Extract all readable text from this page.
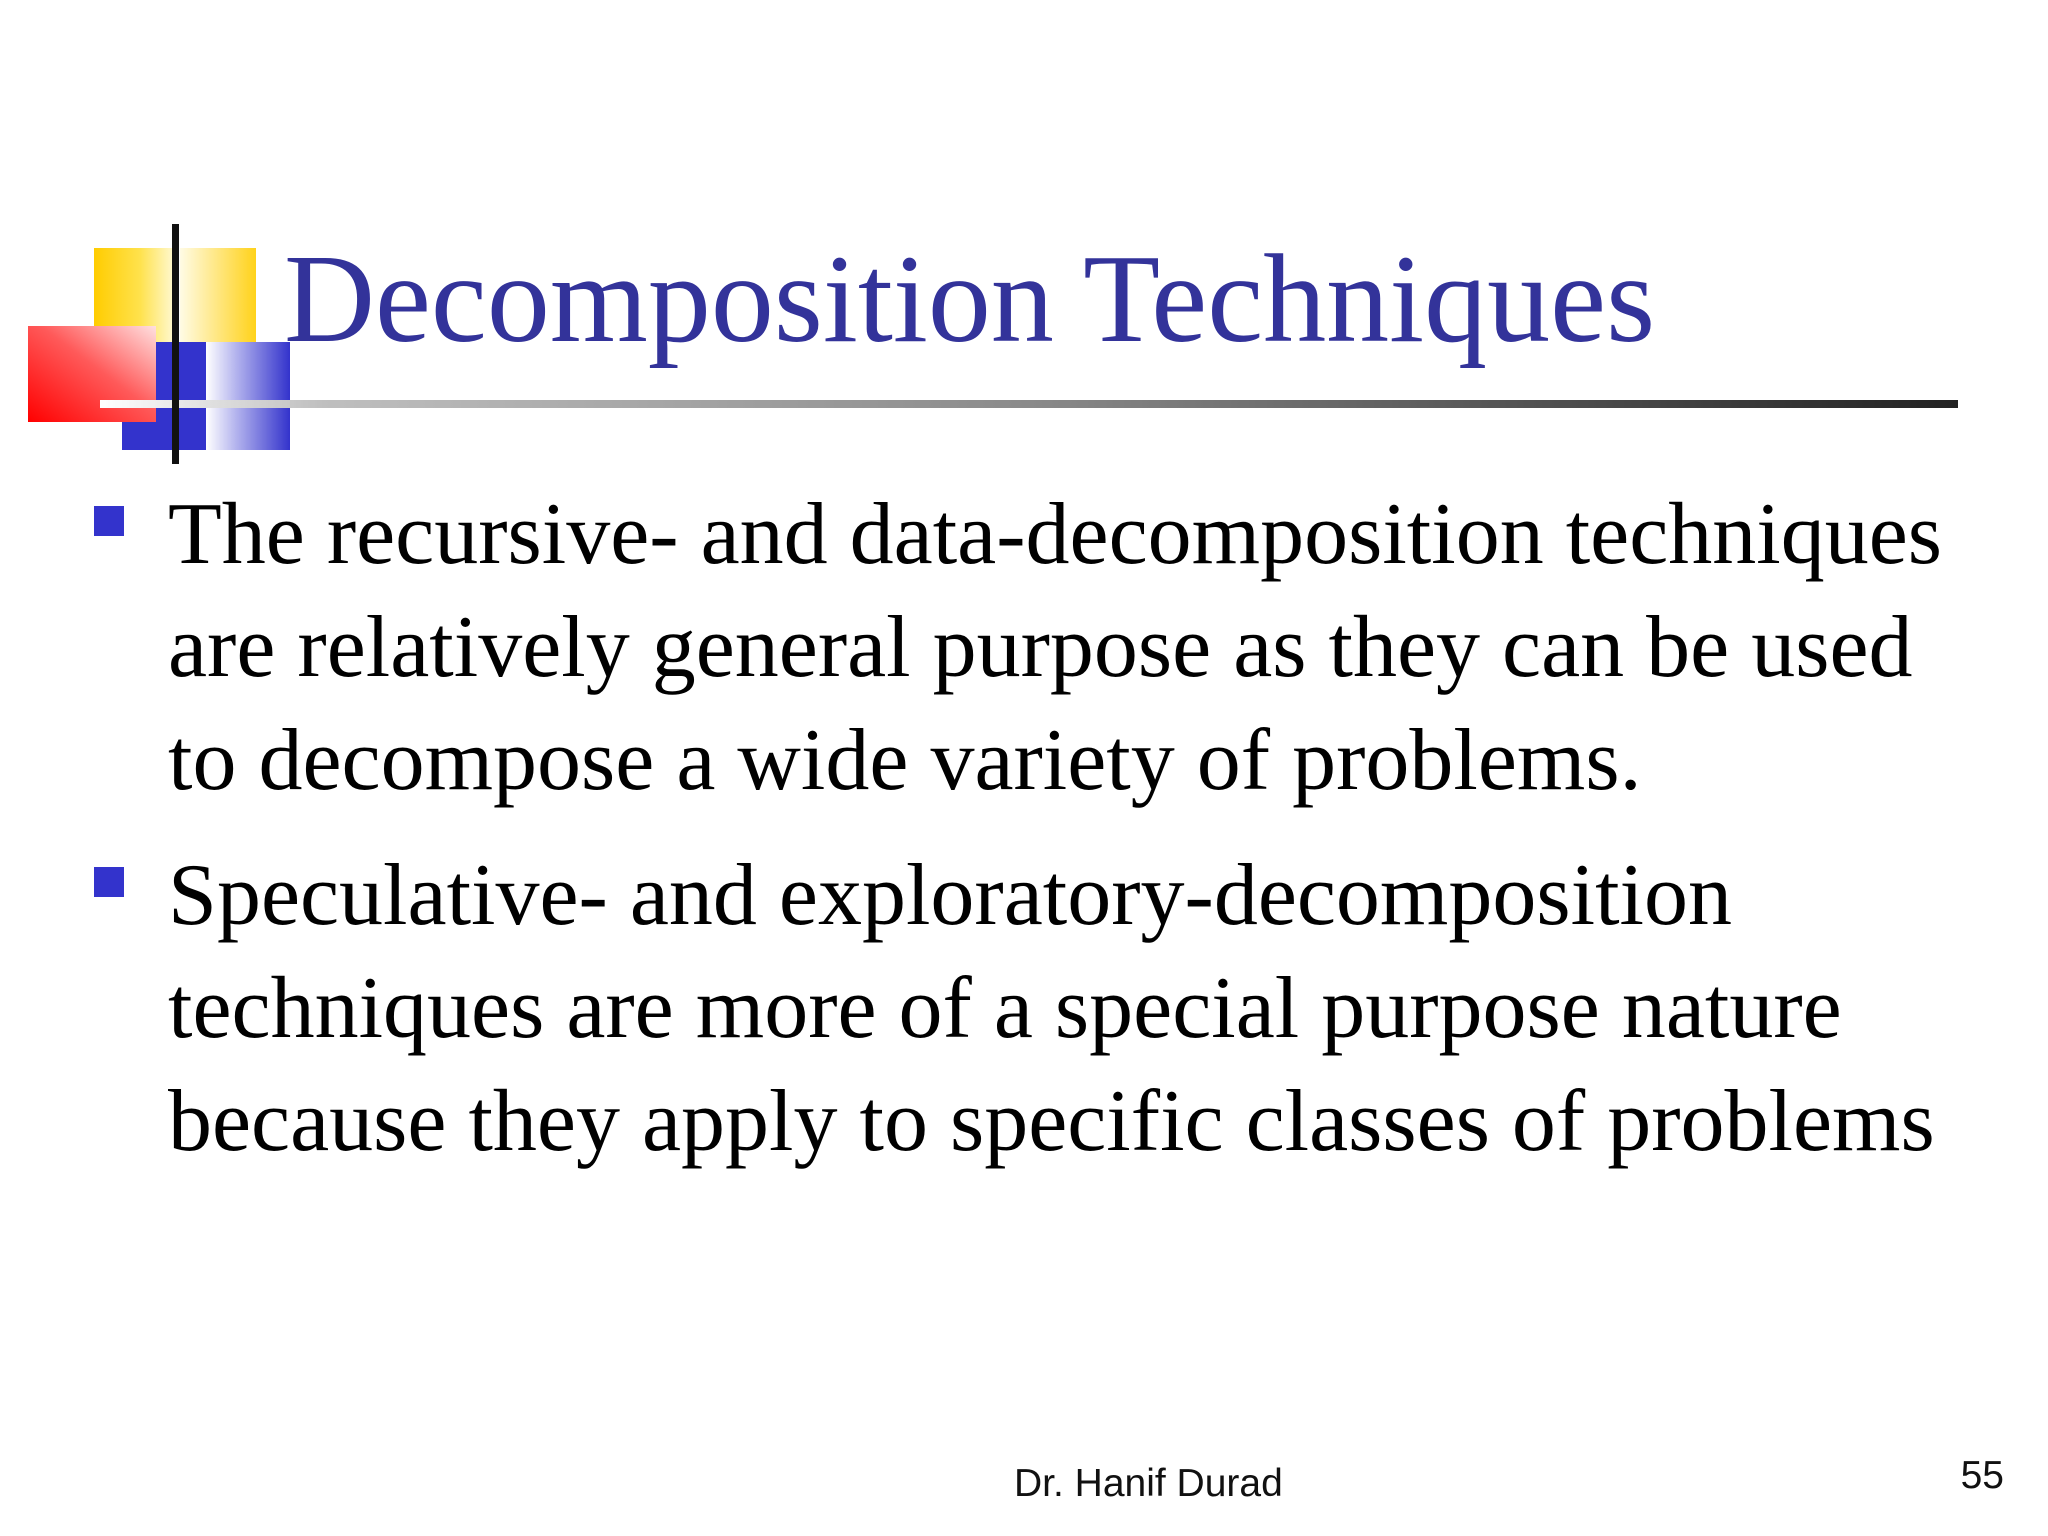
Decomposition Techniques
The recursive- and data-decomposition techniques are relatively general purpose as they can be used to decompose a wide variety of problems.
Speculative- and exploratory-decomposition techniques are more of a special purpose nature because they apply to specific classes of problems
Dr. Hanif Durad	55
